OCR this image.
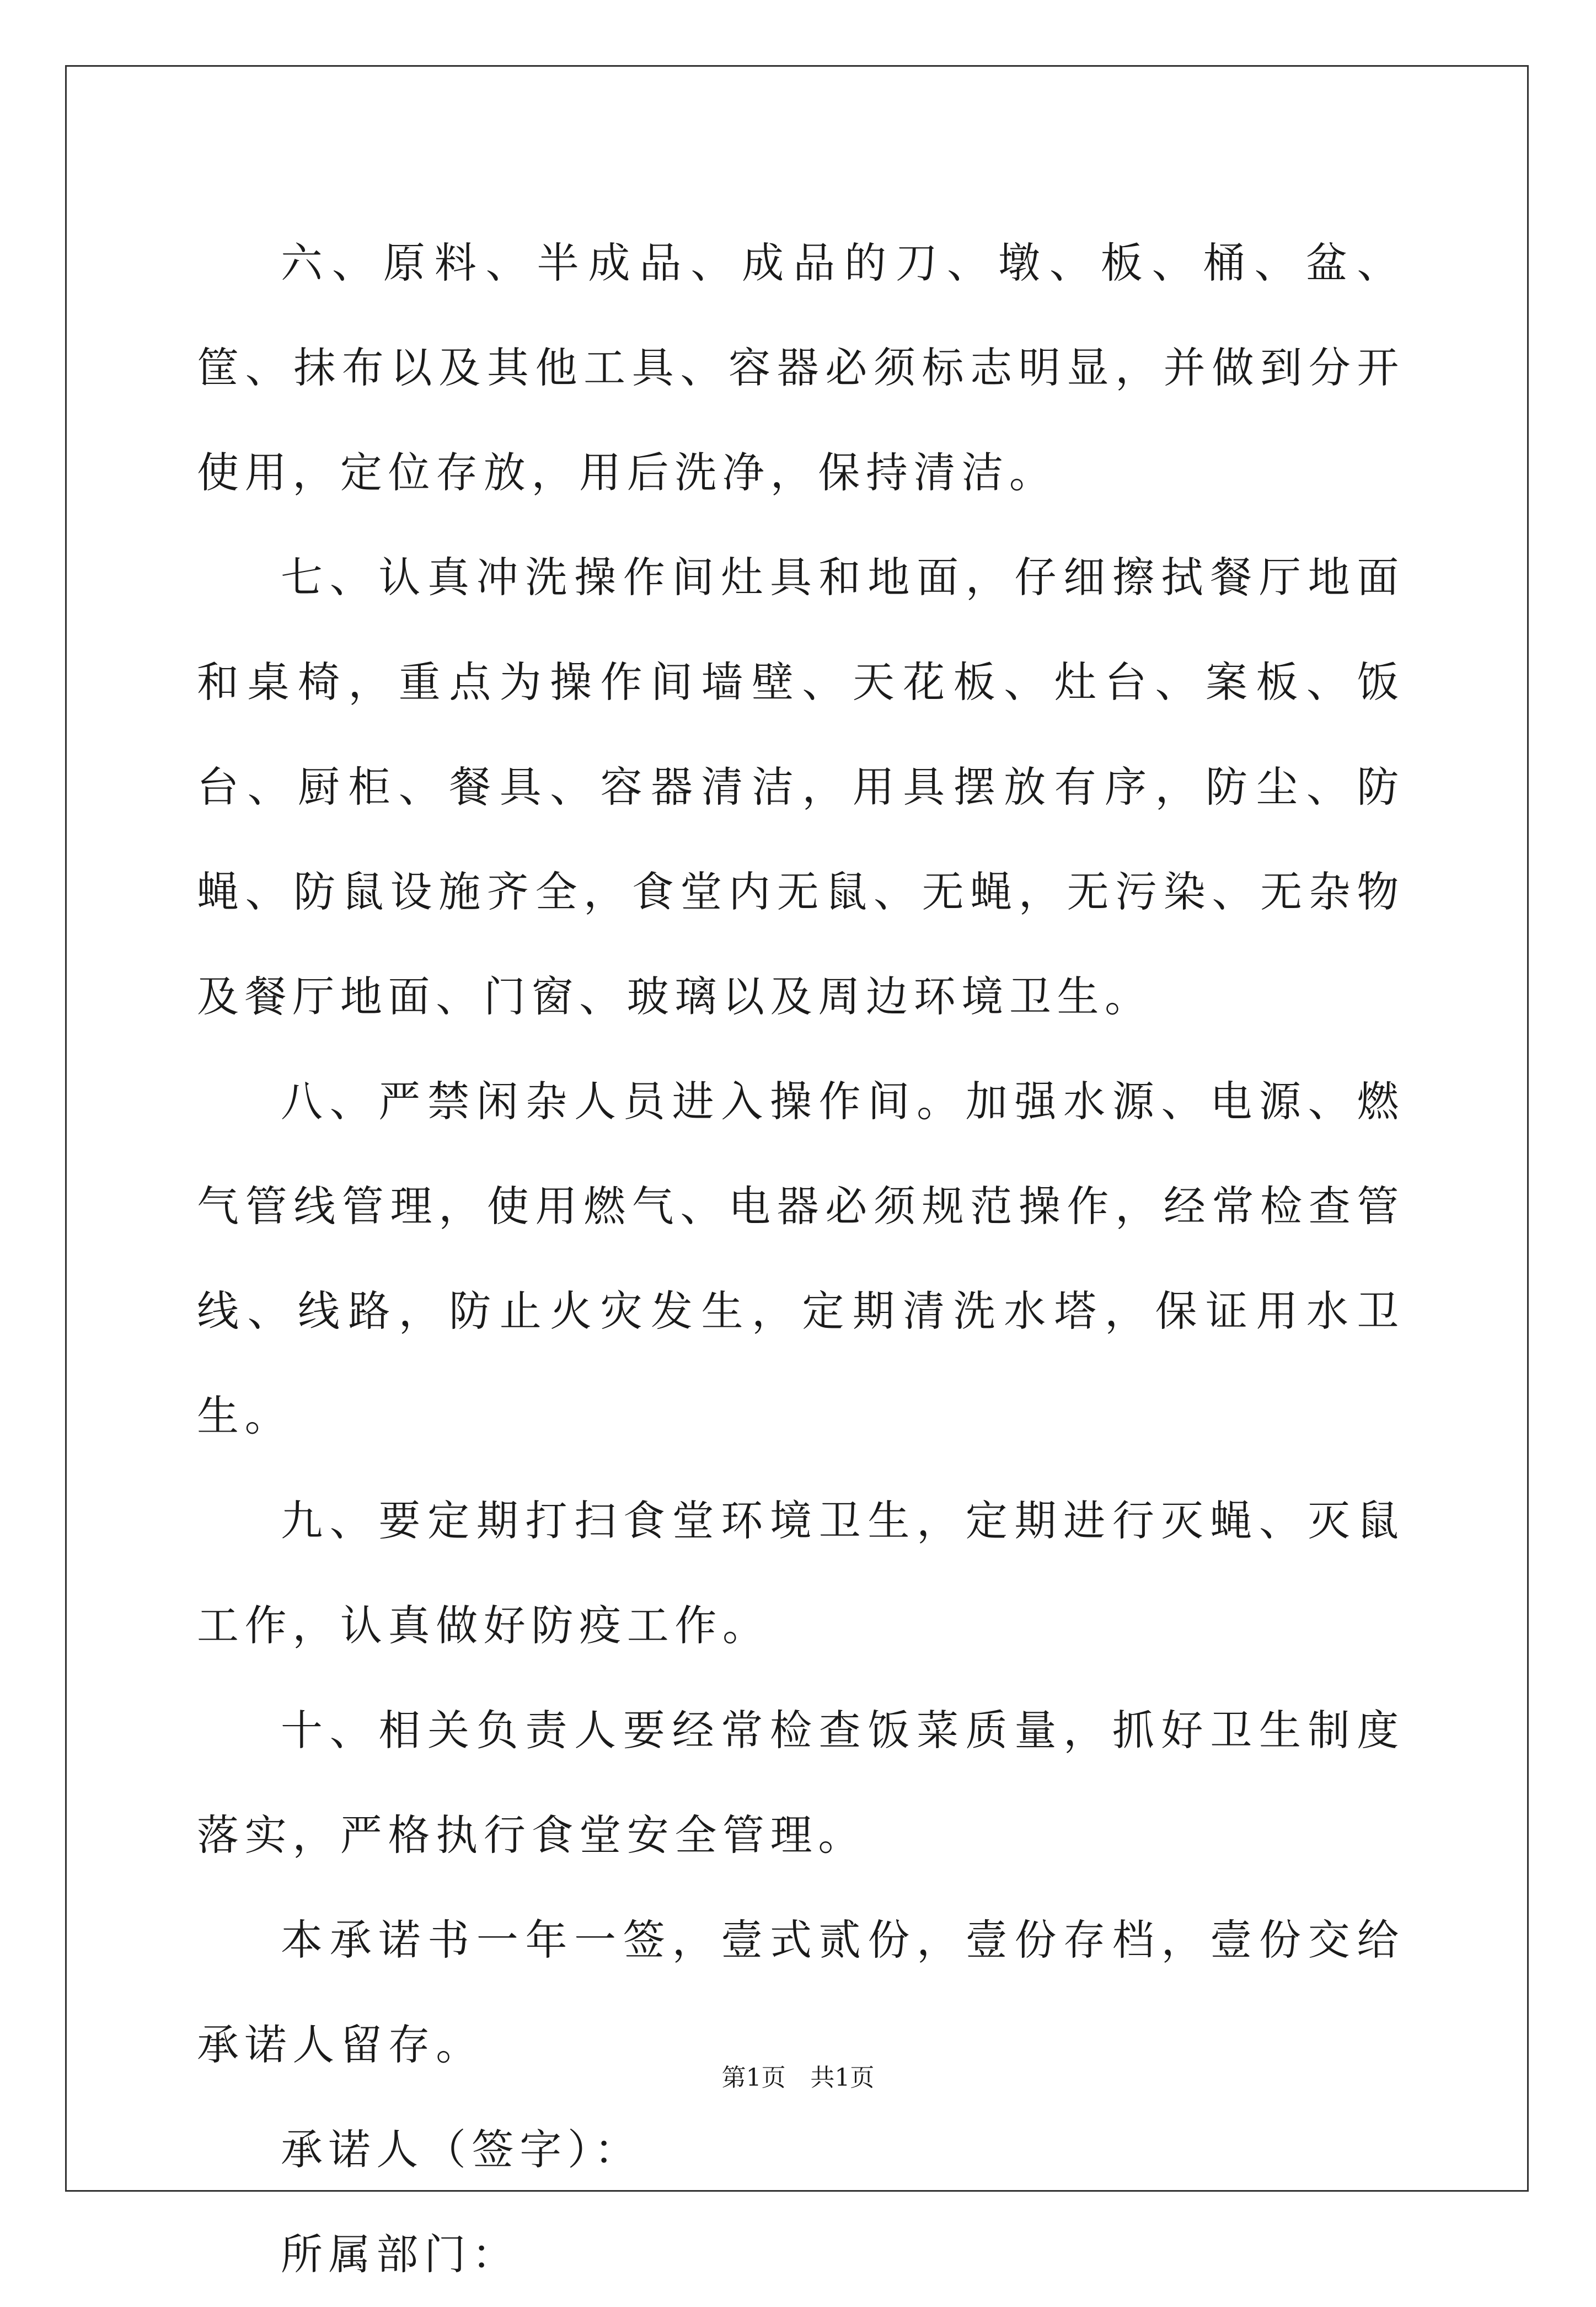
六、原料、半成品、成品的刀、墩、板、桶、盆、筐、抹布以及其他工具、容器必须标志明显，并做到分开使用，定位存放，用后洗净，保持清洁。

七、认真冲洗操作间灶具和地面，仔细擦拭餐厅地面和桌椅，重点为操作间墙壁、天花板、灶台、案板、饭台、厨柜、餐具、容器清洁，用具摆放有序，防尘、防蝇、防鼠设施齐全，食堂内无鼠、无蝇，无污染、无杂物及餐厅地面、门窗、玻璃以及周边环境卫生。

八、严禁闲杂人员进入操作间。加强水源、电源、燃气管线管理，使用燃气、电器必须规范操作，经常检查管线、线路，防止火灾发生，定期清洗水塔，保证用水卫生。

九、要定期打扫食堂环境卫生，定期进行灭蝇、灭鼠工作，认真做好防疫工作。

十、相关负责人要经常检查饭菜质量，抓好卫生制度落实，严格执行食堂安全管理。

本承诺书一年一签，壹式贰份，壹份存档，壹份交给承诺人留存。

承诺人（签字）：

所属部门：

第1页 共1页
